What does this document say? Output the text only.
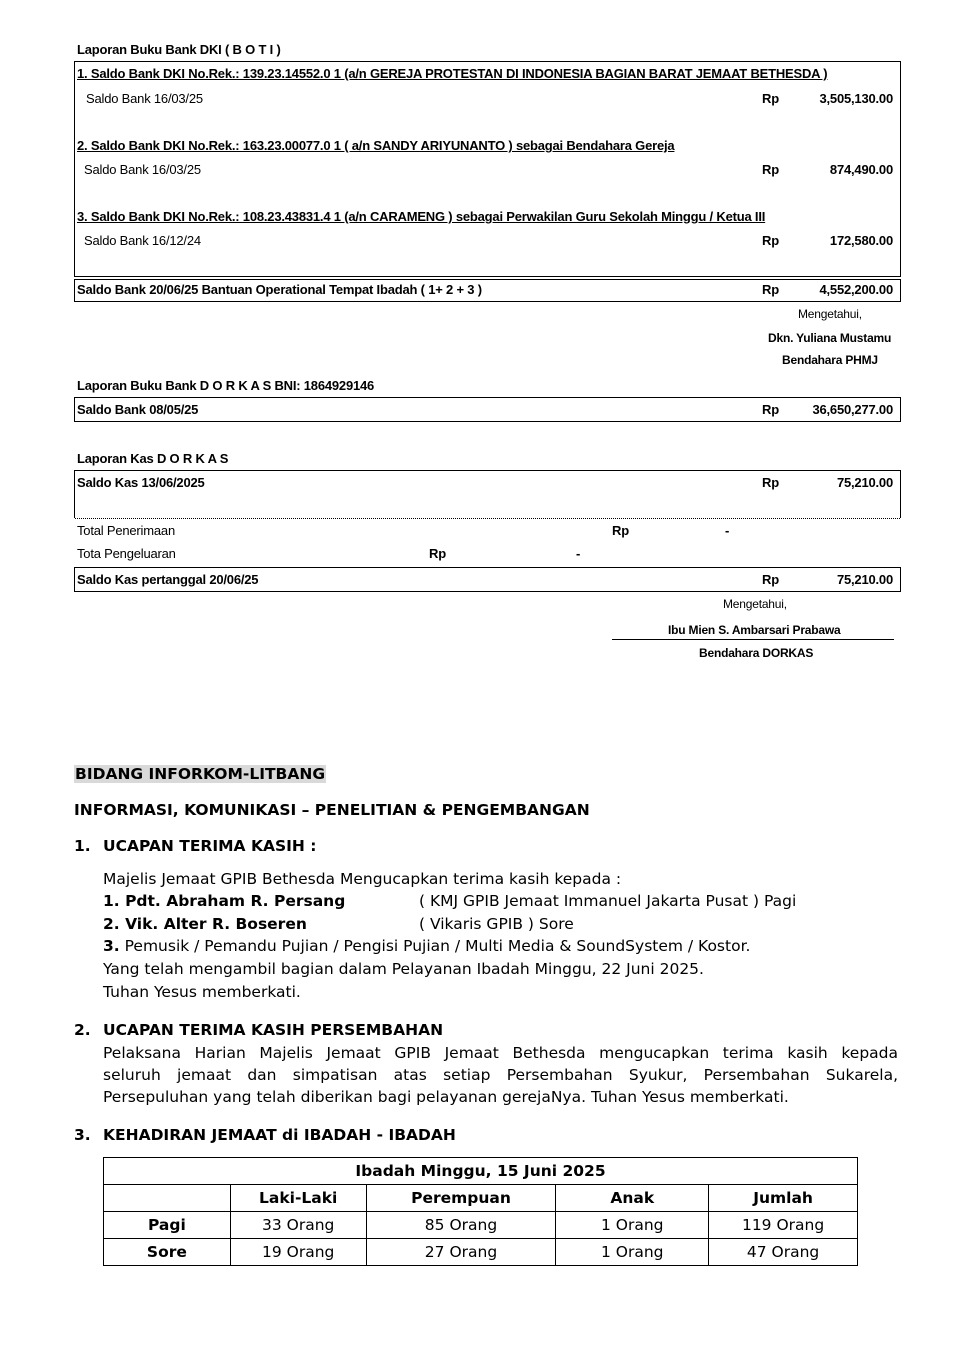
Laporan Buku Bank DKI ( B O T I )
1. Saldo Bank DKI No.Rek.: 139.23.14552.0 1 (a/n GEREJA PROTESTAN DI INDONESIA BAGIAN BARAT JEMAAT BETHESDA )
Saldo Bank 16/03/25	Rp	3,505,130.00
2. Saldo Bank DKI No.Rek.: 163.23.00077.0 1 ( a/n SANDY ARIYUNANTO ) sebagai Bendahara Gereja
Saldo Bank 16/03/25	Rp	874,490.00
3. Saldo Bank DKI No.Rek.: 108.23.43831.4 1 (a/n CARAMENG ) sebagai Perwakilan Guru Sekolah Minggu / Ketua III
Saldo Bank 16/12/24	Rp	172,580.00
Saldo Bank 20/06/25 Bantuan Operational Tempat Ibadah ( 1+ 2 + 3 )	Rp	4,552,200.00
Mengetahui,
Dkn. Yuliana Mustamu
Bendahara PHMJ
Laporan Buku Bank D O R K A S BNI: 1864929146
Saldo Bank 08/05/25	Rp	36,650,277.00
Laporan Kas D O R K A S
Saldo Kas 13/06/2025	Rp	75,210.00
Total Penerimaan	Rp	-
Tota Pengeluaran	Rp	-
Saldo Kas pertanggal 20/06/25	Rp	75,210.00
Mengetahui,
Ibu Mien S. Ambarsari Prabawa
Bendahara DORKAS
BIDANG INFORKOM-LITBANG
INFORMASI, KOMUNIKASI – PENELITIAN & PENGEMBANGAN
1. UCAPAN TERIMA KASIH :
Majelis Jemaat GPIB Bethesda Mengucapkan terima kasih kepada :
1. Pdt. Abraham R. Persang	( KMJ GPIB Jemaat Immanuel Jakarta Pusat ) Pagi
2. Vik. Alter R. Boseren	( Vikaris GPIB ) Sore
3. Pemusik / Pemandu Pujian / Pengisi Pujian / Multi Media & SoundSystem / Kostor.
Yang telah mengambil bagian dalam Pelayanan Ibadah Minggu, 22 Juni 2025.
Tuhan Yesus memberkati.
2. UCAPAN TERIMA KASIH PERSEMBAHAN
Pelaksana Harian Majelis Jemaat GPIB Jemaat Bethesda mengucapkan terima kasih kepada
seluruh jemaat dan simpatisan atas setiap Persembahan Syukur, Persembahan Sukarela,
Persepuluhan yang telah diberikan bagi pelayanan gerejaNya. Tuhan Yesus memberkati.
3. KEHADIRAN JEMAAT di IBADAH - IBADAH
Ibadah Minggu, 15 Juni 2025				
	Laki-Laki	Perempuan	Anak	Jumlah
Pagi	33 Orang	85 Orang	1 Orang	119 Orang
Sore	19 Orang	27 Orang	1 Orang	47 Orang
